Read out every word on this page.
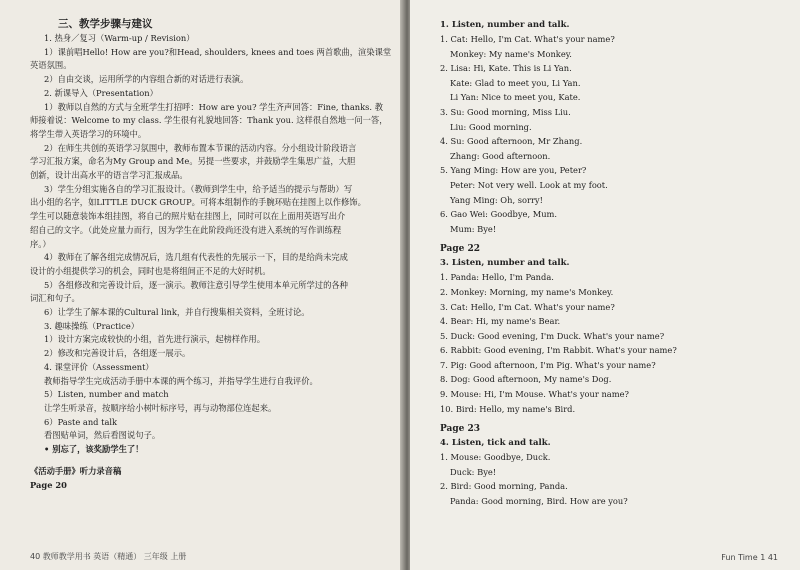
三、教学步骤与建议
1. 热身／复习（Warm-up / Revision）
1）课前唱Hello! How are you?和Head, shoulders, knees and toes 两首歌曲，渲染课堂
英语氛围。
2）自由交谈，运用所学的内容组合新的对话进行表演。
2. 新课导入（Presentation）
1）教师以自然的方式与全班学生打招呼：How are you? 学生齐声回答：Fine, thanks. 教
师接着说：Welcome to my class. 学生很有礼貌地回答：Thank you. 这样很自然地一问一答，
将学生带入英语学习的环境中。
2）在师生共创的英语学习氛围中，教师布置本节课的活动内容。分小组设计阶段语言
学习汇报方案，命名为My Group and Me。另提一些要求，并鼓励学生集思广益，大胆
创新，设计出高水平的语言学习汇报成品。
3）学生分组实施各自的学习汇报设计。（教师到学生中，给予适当的提示与帮助）写
出小组的名字，如LITTLE DUCK GROUP。可将本组制作的手腕环贴在挂图上以作修饰。
学生可以随意装饰本组挂图，将自己的照片贴在挂图上，同时可以在上面用英语写出介
绍自己的文字。（此处应量力而行，因为学生在此阶段尚还没有进入系统的写作训练程
序。）
4）教师在了解各组完成情况后，选几组有代表性的先展示一下，目的是给尚未完成
设计的小组提供学习的机会，同时也是将组间正不足的大好时机。
5）各组修改和完善设计后，逐一演示。教师注意引导学生使用本单元所学过的各种
词汇和句子。
6）让学生了解本课的Cultural link，并自行搜集相关资料，全班讨论。
3. 趣味操练（Practice）
1）设计方案完成较快的小组，首先进行演示，起榜样作用。
2）修改和完善设计后，各组逐一展示。
4. 课堂评价（Assessment）
教师指导学生完成活动手册中本课的两个练习，并指导学生进行自我评价。
5）Listen, number and match
让学生听录音，按顺序给小树叶标序号，再与动物部位连起来。
6）Paste and talk
看图贴单词，然后看图说句子。
• 别忘了，该奖励学生了！
《活动手册》听力录音稿
Page 20
40 教师教学用书 英语（精通） 三年级 上册
1. Listen, number and talk.
1. Cat: Hello, I'm Cat. What's your name?
Monkey: My name's Monkey.
2. Lisa: Hi, Kate. This is Li Yan.
Kate: Glad to meet you, Li Yan.
Li Yan: Nice to meet you, Kate.
3. Su: Good morning, Miss Liu.
Liu: Good morning.
4. Su: Good afternoon, Mr Zhang.
Zhang: Good afternoon.
5. Yang Ming: How are you, Peter?
Peter: Not very well. Look at my foot.
Yang Ming: Oh, sorry!
6. Gao Wei: Goodbye, Mum.
Mum: Bye!
Page 22
3. Listen, number and talk.
1. Panda: Hello, I'm Panda.
2. Monkey: Morning, my name's Monkey.
3. Cat: Hello, I'm Cat. What's your name?
4. Bear: Hi, my name's Bear.
5. Duck: Good evening, I'm Duck. What's your name?
6. Rabbit: Good evening, I'm Rabbit. What's your name?
7. Pig: Good afternoon, I'm Pig. What's your name?
8. Dog: Good afternoon, My name's Dog.
9. Mouse: Hi, I'm Mouse. What's your name?
10. Bird: Hello, my name's Bird.
Page 23
4. Listen, tick and talk.
1. Mouse: Goodbye, Duck.
Duck: Bye!
2. Bird: Good morning, Panda.
Panda: Good morning, Bird. How are you?
Fun Time 1 41
